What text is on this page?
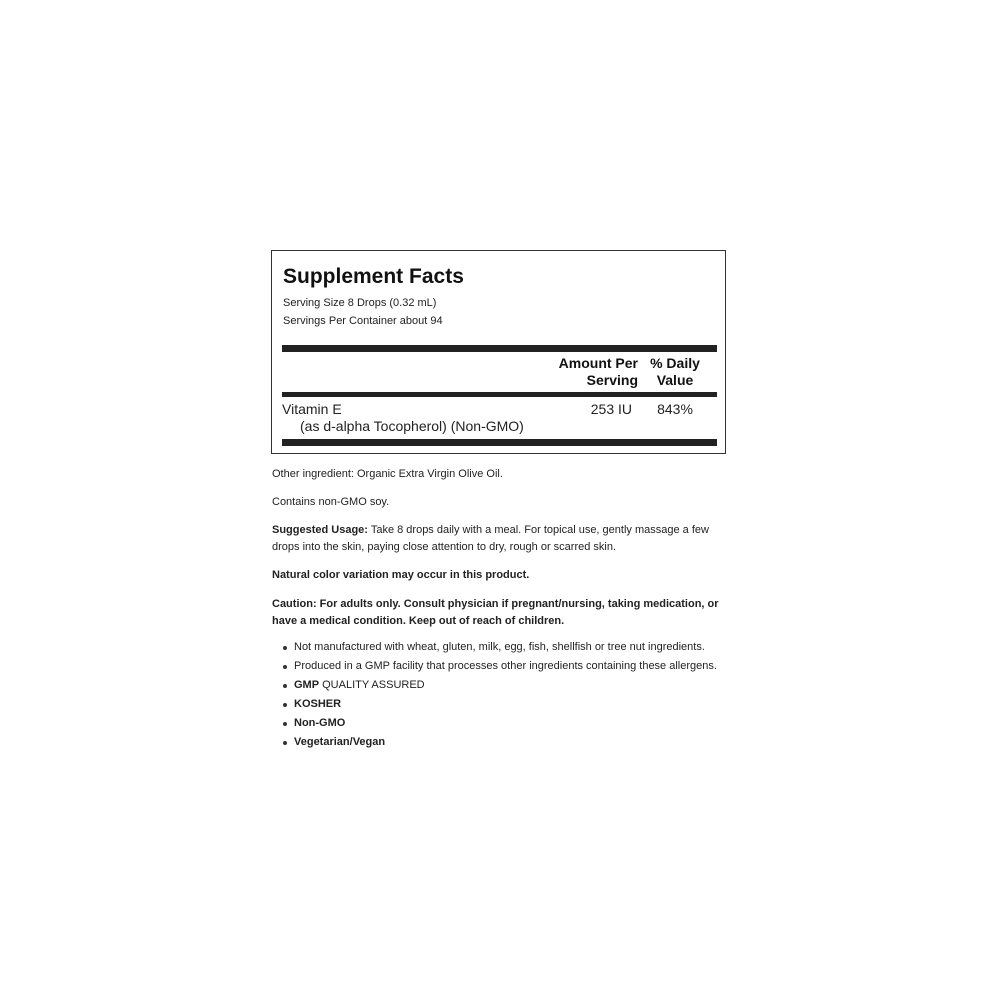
Supplement Facts
Serving Size 8 Drops (0.32 mL)
Servings Per Container about 94
Amount Per
Serving
% Daily
Value
Vitamin E
(as d-alpha Tocopherol) (Non-GMO)
253 IU	843%
Other ingredient: Organic Extra Virgin Olive Oil.
Contains non-GMO soy.
Suggested Usage: Take 8 drops daily with a meal. For topical use, gently massage a few drops into the skin, paying close attention to dry, rough or scarred skin.
Natural color variation may occur in this product.
Caution: For adults only. Consult physician if pregnant/nursing, taking medication, or have a medical condition. Keep out of reach of children.
Not manufactured with wheat, gluten, milk, egg, fish, shellfish or tree nut ingredients.
Produced in a GMP facility that processes other ingredients containing these allergens.
GMP QUALITY ASSURED
KOSHER
Non-GMO
Vegetarian/Vegan
